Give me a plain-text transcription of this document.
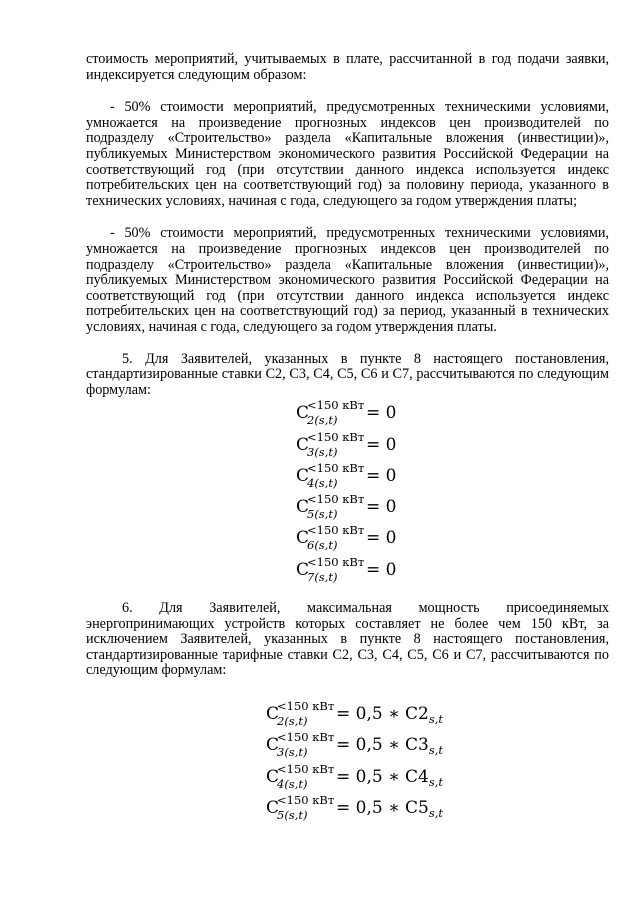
стоимость мероприятий, учитываемых в плате, рассчитанной в год подачи заявки, индексируется следующим образом:

- 50% стоимости мероприятий, предусмотренных техническими условиями, умножается на произведение прогнозных индексов цен производителей по подразделу «Строительство» раздела «Капитальные вложения (инвестиции)», публикуемых Министерством экономического развития Российской Федерации на соответствующий год (при отсутствии данного индекса используется индекс потребительских цен на соответствующий год) за половину периода, указанного в технических условиях, начиная с года, следующего за годом утверждения платы;

- 50% стоимости мероприятий, предусмотренных техническими условиями, умножается на произведение прогнозных индексов цен производителей по подразделу «Строительство» раздела «Капитальные вложения (инвестиции)», публикуемых Министерством экономического развития Российской Федерации на соответствующий год (при отсутствии данного индекса используется индекс потребительских цен на соответствующий год) за период, указанный в технических условиях, начиная с года, следующего за годом утверждения платы.

5. Для Заявителей, указанных в пункте 8 настоящего постановления, стандартизированные ставки С2, С3, С4, С5, С6 и С7, рассчитываются по следующим формулам:

С
<150 кВт
2(s,t) = 0
С
<150 кВт
3(s,t) = 0
С
<150 кВт
4(s,t) = 0
С
<150 кВт
5(s,t) = 0
С
<150 кВт
6(s,t) = 0
С
<150 кВт
7(s,t) = 0

6. Для Заявителей, максимальная мощность присоединяемых энергопринимающих устройств которых составляет не более чем 150 кВт, за исключением Заявителей, указанных в пункте 8 настоящего постановления, стандартизированные тарифные ставки С2, С3, С4, С5, С6 и С7, рассчитываются по следующим формулам:

С
<150 кВт
2(s,t) = 0,5 ∗ $С2_{s,t}$
С
<150 кВт
3(s,t) = 0,5 ∗ $С3_{s,t}$
С
<150 кВт
4(s,t) = 0,5 ∗ $С4_{s,t}$
С
<150 кВт
5(s,t) = 0,5 ∗ $С5_{s,t}$
